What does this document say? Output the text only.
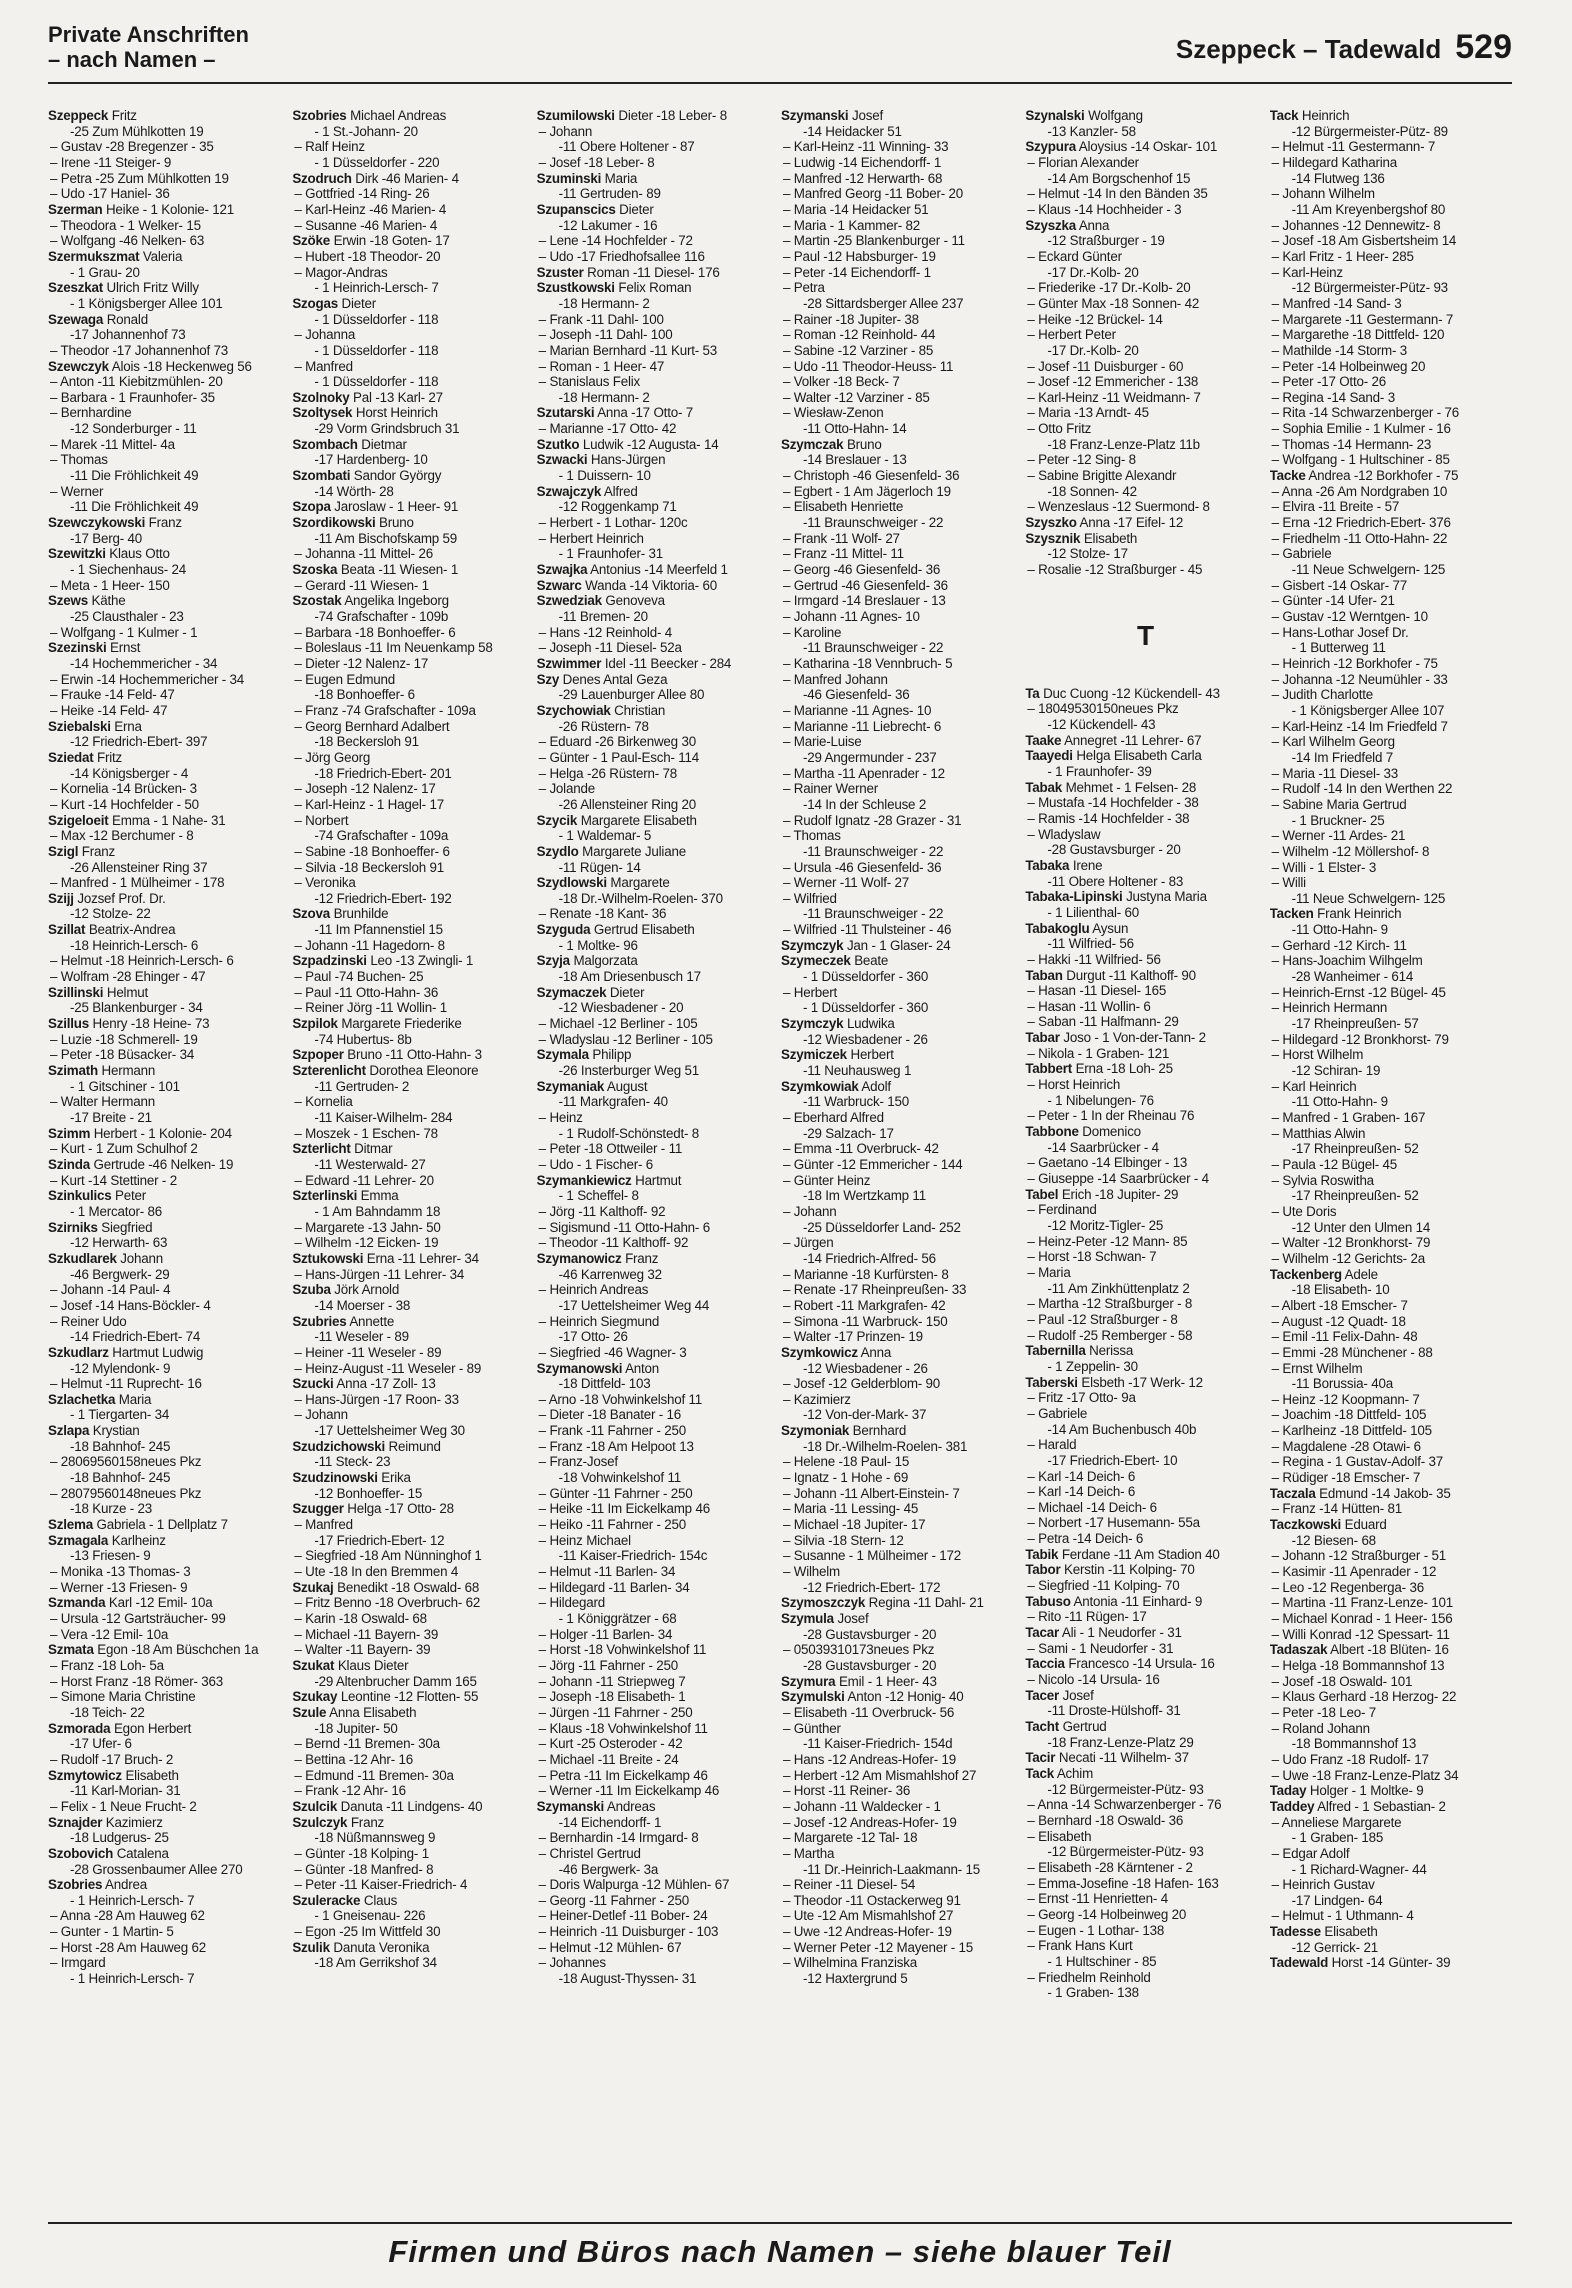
Private Anschriften
– nach Namen –	Szeppeck – Tadewald 529
Szeppeck Fritz
-25 Zum Mühlkotten 19
– Gustav -28 Bregenzer - 35
– Irene -11 Steiger- 9
– Petra -25 Zum Mühlkotten 19
– Udo -17 Haniel- 36
Szerman Heike - 1 Kolonie- 121
– Theodora - 1 Welker- 15
– Wolfgang -46 Nelken- 63
Szermukszmat Valeria
- 1 Grau- 20
Szeszkat Ulrich Fritz Willy
- 1 Königsberger Allee 101
Szewaga Ronald
-17 Johannenhof 73
– Theodor -17 Johannenhof 73
Szewczyk Alois -18 Heckenweg 56
– Anton -11 Kiebitzmühlen- 20
– Barbara - 1 Fraunhofer- 35
– Bernhardine
-12 Sonderburger - 11
– Marek -11 Mittel- 4a
– Thomas
-11 Die Fröhlichkeit 49
– Werner
-11 Die Fröhlichkeit 49
Szewczykowski Franz
-17 Berg- 40
Szewitzki Klaus Otto
- 1 Siechenhaus- 24
– Meta - 1 Heer- 150
Szews Käthe
-25 Clausthaler - 23
– Wolfgang - 1 Kulmer - 1
Szezinski Ernst
-14 Hochemmericher - 34
– Erwin -14 Hochemmericher - 34
– Frauke -14 Feld- 47
– Heike -14 Feld- 47
Sziebalski Erna
-12 Friedrich-Ebert- 397
Sziedat Fritz
-14 Königsberger - 4
– Kornelia -14 Brücken- 3
– Kurt -14 Hochfelder - 50
Szigeloeit Emma - 1 Nahe- 31
– Max -12 Berchumer - 8
Szigl Franz
-26 Allensteiner Ring 37
– Manfred - 1 Mülheimer - 178
Szijj Jozsef Prof. Dr.
-12 Stolze- 22
Szillat Beatrix-Andrea
-18 Heinrich-Lersch- 6
– Helmut -18 Heinrich-Lersch- 6
– Wolfram -28 Ehinger - 47
Szillinski Helmut
-25 Blankenburger - 34
Szillus Henry -18 Heine- 73
– Luzie -18 Schmerell- 19
– Peter -18 Büsacker- 34
Szimath Hermann
- 1 Gitschiner - 101
– Walter Hermann
-17 Breite - 21
Szimm Herbert - 1 Kolonie- 204
– Kurt - 1 Zum Schulhof 2
Szinda Gertrude -46 Nelken- 19
– Kurt -14 Stettiner - 2
Szinkulics Peter
- 1 Mercator- 86
Szirniks Siegfried
-12 Herwarth- 63
Szkudlarek Johann
-46 Bergwerk- 29
– Johann -14 Paul- 4
– Josef -14 Hans-Böckler- 4
– Reiner Udo
-14 Friedrich-Ebert- 74
Szkudlarz Hartmut Ludwig
-12 Mylendonk- 9
– Helmut -11 Ruprecht- 16
Szlachetka Maria
- 1 Tiergarten- 34
Szlapa Krystian
-18 Bahnhof- 245
– 28069560158neues Pkz
-18 Bahnhof- 245
– 28079560148neues Pkz
-18 Kurze - 23
Szlema Gabriela - 1 Dellplatz 7
Szmagala Karlheinz
-13 Friesen- 9
– Monika -13 Thomas- 3
– Werner -13 Friesen- 9
Szmanda Karl -12 Emil- 10a
– Ursula -12 Gartsträucher- 99
– Vera -12 Emil- 10a
Szmata Egon -18 Am Büschchen 1a
– Franz -18 Loh- 5a
– Horst Franz -18 Römer- 363
– Simone Maria Christine
-18 Teich- 22
Szmorada Egon Herbert
-17 Ufer- 6
– Rudolf -17 Bruch- 2
Szmytowicz Elisabeth
-11 Karl-Morian- 31
– Felix - 1 Neue Frucht- 2
Sznajder Kazimierz
-18 Ludgerus- 25
Szobovich Catalena
-28 Grossenbaumer Allee 270
Szobries Andrea
- 1 Heinrich-Lersch- 7
– Anna -28 Am Hauweg 62
– Gunter - 1 Martin- 5
– Horst -28 Am Hauweg 62
– Irmgard
- 1 Heinrich-Lersch- 7
Szobries Michael Andreas
- 1 St.-Johann- 20
– Ralf Heinz
- 1 Düsseldorfer - 220
Szodruch Dirk -46 Marien- 4
– Gottfried -14 Ring- 26
– Karl-Heinz -46 Marien- 4
– Susanne -46 Marien- 4
Szöke Erwin -18 Goten- 17
– Hubert -18 Theodor- 20
– Magor-Andras
- 1 Heinrich-Lersch- 7
Szogas Dieter
- 1 Düsseldorfer - 118
– Johanna
- 1 Düsseldorfer - 118
– Manfred
- 1 Düsseldorfer - 118
Szolnoky Pal -13 Karl- 27
Szoltysek Horst Heinrich
-29 Vorm Grindsbruch 31
Szombach Dietmar
-17 Hardenberg- 10
Szombati Sandor György
-14 Wörth- 28
Szopa Jaroslaw - 1 Heer- 91
Szordikowski Bruno
-11 Am Bischofskamp 59
– Johanna -11 Mittel- 26
Szoska Beata -11 Wiesen- 1
– Gerard -11 Wiesen- 1
Szostak Angelika Ingeborg
-74 Grafschafter - 109b
– Barbara -18 Bonhoeffer- 6
– Boleslaus -11 Im Neuenkamp 58
– Dieter -12 Nalenz- 17
– Eugen Edmund
-18 Bonhoeffer- 6
– Franz -74 Grafschafter - 109a
– Georg Bernhard Adalbert
-18 Beckersloh 91
– Jörg Georg
-18 Friedrich-Ebert- 201
– Joseph -12 Nalenz- 17
– Karl-Heinz - 1 Hagel- 17
– Norbert
-74 Grafschafter - 109a
– Sabine -18 Bonhoeffer- 6
– Silvia -18 Beckersloh 91
– Veronika
-12 Friedrich-Ebert- 192
Szova Brunhilde
-11 Im Pfannenstiel 15
– Johann -11 Hagedorn- 8
Szpadzinski Leo -13 Zwingli- 1
– Paul -74 Buchen- 25
– Paul -11 Otto-Hahn- 36
– Reiner Jörg -11 Wollin- 1
Szpilok Margarete Friederike
-74 Hubertus- 8b
Szpoper Bruno -11 Otto-Hahn- 3
Szterenlicht Dorothea Eleonore
-11 Gertruden- 2
– Kornelia
-11 Kaiser-Wilhelm- 284
– Moszek - 1 Eschen- 78
Szterlicht Ditmar
-11 Westerwald- 27
– Edward -11 Lehrer- 20
Szterlinski Emma
- 1 Am Bahndamm 18
– Margarete -13 Jahn- 50
– Wilhelm -12 Eicken- 19
Sztukowski Erna -11 Lehrer- 34
– Hans-Jürgen -11 Lehrer- 34
Szuba Jörk Arnold
-14 Moerser - 38
Szubries Annette
-11 Weseler - 89
– Heiner -11 Weseler - 89
– Heinz-August -11 Weseler - 89
Szucki Anna -17 Zoll- 13
– Hans-Jürgen -17 Roon- 33
– Johann
-17 Uettelsheimer Weg 30
Szudzichowski Reimund
-11 Steck- 23
Szudzinowski Erika
-12 Bonhoeffer- 15
Szugger Helga -17 Otto- 28
– Manfred
-17 Friedrich-Ebert- 12
– Siegfried -18 Am Nünninghof 1
– Ute -18 In den Bremmen 4
Szukaj Benedikt -18 Oswald- 68
– Fritz Benno -18 Overbruch- 62
– Karin -18 Oswald- 68
– Michael -11 Bayern- 39
– Walter -11 Bayern- 39
Szukat Klaus Dieter
-29 Altenbrucher Damm 165
Szukay Leontine -12 Flotten- 55
Szule Anna Elisabeth
-18 Jupiter- 50
– Bernd -11 Bremen- 30a
– Bettina -12 Ahr- 16
– Edmund -11 Bremen- 30a
– Frank -12 Ahr- 16
Szulcik Danuta -11 Lindgens- 40
Szulczyk Franz
-18 Nüßmannsweg 9
– Günter -18 Kolping- 1
– Günter -18 Manfred- 8
– Peter -11 Kaiser-Friedrich- 4
Szuleracke Claus
- 1 Gneisenau- 226
– Egon -25 Im Wittfeld 30
Szulik Danuta Veronika
-18 Am Gerrikshof 34
Szumilowski Dieter -18 Leber- 8
– Johann
-11 Obere Holtener - 87
– Josef -18 Leber- 8
Szuminski Maria
-11 Gertruden- 89
Szupanscics Dieter
-12 Lakumer - 16
– Lene -14 Hochfelder - 72
– Udo -17 Friedhofsallee 116
Szuster Roman -11 Diesel- 176
Szustkowski Felix Roman
-18 Hermann- 2
– Frank -11 Dahl- 100
– Joseph -11 Dahl- 100
– Marian Bernhard -11 Kurt- 53
– Roman - 1 Heer- 47
– Stanislaus Felix
-18 Hermann- 2
Szutarski Anna -17 Otto- 7
– Marianne -17 Otto- 42
Szutko Ludwik -12 Augusta- 14
Szwacki Hans-Jürgen
- 1 Duissern- 10
Szwajczyk Alfred
-12 Roggenkamp 71
– Herbert - 1 Lothar- 120c
– Herbert Heinrich
- 1 Fraunhofer- 31
Szwajka Antonius -14 Meerfeld 1
Szwarc Wanda -14 Viktoria- 60
Szwedziak Genoveva
-11 Bremen- 20
– Hans -12 Reinhold- 4
– Joseph -11 Diesel- 52a
Szwimmer Idel -11 Beecker - 284
Szy Denes Antal Geza
-29 Lauenburger Allee 80
Szychowiak Christian
-26 Rüstern- 78
– Eduard -26 Birkenweg 30
– Günter - 1 Paul-Esch- 114
– Helga -26 Rüstern- 78
– Jolande
-26 Allensteiner Ring 20
Szycik Margarete Elisabeth
- 1 Waldemar- 5
Szydlo Margarete Juliane
-11 Rügen- 14
Szydlowski Margarete
-18 Dr.-Wilhelm-Roelen- 370
– Renate -18 Kant- 36
Szyguda Gertrud Elisabeth
- 1 Moltke- 96
Szyja Malgorzata
-18 Am Driesenbusch 17
Szymaczek Dieter
-12 Wiesbadener - 20
– Michael -12 Berliner - 105
– Wladyslau -12 Berliner - 105
Szymala Philipp
-26 Insterburger Weg 51
Szymaniak August
-11 Markgrafen- 40
– Heinz
- 1 Rudolf-Schönstedt- 8
– Peter -18 Ottweiler - 11
– Udo - 1 Fischer- 6
Szymankiewicz Hartmut
- 1 Scheffel- 8
– Jörg -11 Kalthoff- 92
– Sigismund -11 Otto-Hahn- 6
– Theodor -11 Kalthoff- 92
Szymanowicz Franz
-46 Karrenweg 32
– Heinrich Andreas
-17 Uettelsheimer Weg 44
– Heinrich Siegmund
-17 Otto- 26
– Siegfried -46 Wagner- 3
Szymanowski Anton
-18 Dittfeld- 103
– Arno -18 Vohwinkelshof 11
– Dieter -18 Banater - 16
– Frank -11 Fahrner - 250
– Franz -18 Am Helpoot 13
– Franz-Josef
-18 Vohwinkelshof 11
– Günter -11 Fahrner - 250
– Heike -11 Im Eickelkamp 46
– Heiko -11 Fahrner - 250
– Heinz Michael
-11 Kaiser-Friedrich- 154c
– Helmut -11 Barlen- 34
– Hildegard -11 Barlen- 34
– Hildegard
- 1 Königgrätzer - 68
– Holger -11 Barlen- 34
– Horst -18 Vohwinkelshof 11
– Jörg -11 Fahrner - 250
– Johann -11 Striepweg 7
– Joseph -18 Elisabeth- 1
– Jürgen -11 Fahrner - 250
– Klaus -18 Vohwinkelshof 11
– Kurt -25 Osteroder - 42
– Michael -11 Breite - 24
– Petra -11 Im Eickelkamp 46
– Werner -11 Im Eickelkamp 46
Szymanski Andreas
-14 Eichendorff- 1
– Bernhardin -14 Irmgard- 8
– Christel Gertrud
-46 Bergwerk- 3a
– Doris Walpurga -12 Mühlen- 67
– Georg -11 Fahrner - 250
– Heiner-Detlef -11 Bober- 24
– Heinrich -11 Duisburger - 103
– Helmut -12 Mühlen- 67
– Johannes
-18 August-Thyssen- 31
Szymanski Josef
-14 Heidacker 51
– Karl-Heinz -11 Winning- 33
– Ludwig -14 Eichendorff- 1
– Manfred -12 Herwarth- 68
– Manfred Georg -11 Bober- 20
– Maria -14 Heidacker 51
– Maria - 1 Kammer- 82
– Martin -25 Blankenburger - 11
– Paul -12 Habsburger- 19
– Peter -14 Eichendorff- 1
– Petra
-28 Sittardsberger Allee 237
– Rainer -18 Jupiter- 38
– Roman -12 Reinhold- 44
– Sabine -12 Varziner - 85
– Udo -11 Theodor-Heuss- 11
– Volker -18 Beck- 7
– Walter -12 Varziner - 85
– Wiesław-Zenon
-11 Otto-Hahn- 14
Szymczak Bruno
-14 Breslauer - 13
– Christoph -46 Giesenfeld- 36
– Egbert - 1 Am Jägerloch 19
– Elisabeth Henriette
-11 Braunschweiger - 22
– Frank -11 Wolf- 27
– Franz -11 Mittel- 11
– Georg -46 Giesenfeld- 36
– Gertrud -46 Giesenfeld- 36
– Irmgard -14 Breslauer - 13
– Johann -11 Agnes- 10
– Karoline
-11 Braunschweiger - 22
– Katharina -18 Vennbruch- 5
– Manfred Johann
-46 Giesenfeld- 36
– Marianne -11 Agnes- 10
– Marianne -11 Liebrecht- 6
– Marie-Luise
-29 Angermunder - 237
– Martha -11 Apenrader - 12
– Rainer Werner
-14 In der Schleuse 2
– Rudolf Ignatz -28 Grazer - 31
– Thomas
-11 Braunschweiger - 22
– Ursula -46 Giesenfeld- 36
– Werner -11 Wolf- 27
– Wilfried
-11 Braunschweiger - 22
– Wilfried -11 Thulsteiner - 46
Szymczyk Jan - 1 Glaser- 24
Szymeczek Beate
- 1 Düsseldorfer - 360
– Herbert
- 1 Düsseldorfer - 360
Szymczyk Ludwika
-12 Wiesbadener - 26
Szymiczek Herbert
-11 Neuhausweg 1
Szymkowiak Adolf
-11 Warbruck- 150
– Eberhard Alfred
-29 Salzach- 17
– Emma -11 Overbruck- 42
– Günter -12 Emmericher - 144
– Günter Heinz
-18 Im Wertzkamp 11
– Johann
-25 Düsseldorfer Land- 252
– Jürgen
-14 Friedrich-Alfred- 56
– Marianne -18 Kurfürsten- 8
– Renate -17 Rheinpreußen- 33
– Robert -11 Markgrafen- 42
– Simona -11 Warbruck- 150
– Walter -17 Prinzen- 19
Szymkowicz Anna
-12 Wiesbadener - 26
– Josef -12 Gelderblom- 90
– Kazimierz
-12 Von-der-Mark- 37
Szymoniak Bernhard
-18 Dr.-Wilhelm-Roelen- 381
– Helene -18 Paul- 15
– Ignatz - 1 Hohe - 69
– Johann -11 Albert-Einstein- 7
– Maria -11 Lessing- 45
– Michael -18 Jupiter- 17
– Silvia -18 Stern- 12
– Susanne - 1 Mülheimer - 172
– Wilhelm
-12 Friedrich-Ebert- 172
Szymoszczyk Regina -11 Dahl- 21
Szymula Josef
-28 Gustavsburger - 20
– 05039310173neues Pkz
-28 Gustavsburger - 20
Szymura Emil - 1 Heer- 43
Szymulski Anton -12 Honig- 40
– Elisabeth -11 Overbruck- 56
– Günther
-11 Kaiser-Friedrich- 154d
– Hans -12 Andreas-Hofer- 19
– Herbert -12 Am Mismahlshof 27
– Horst -11 Reiner- 36
– Johann -11 Waldecker - 1
– Josef -12 Andreas-Hofer- 19
– Margarete -12 Tal- 18
– Martha
-11 Dr.-Heinrich-Laakmann- 15
– Reiner -11 Diesel- 54
– Theodor -11 Ostackerweg 91
– Ute -12 Am Mismahlshof 27
– Uwe -12 Andreas-Hofer- 19
– Werner Peter -12 Mayener - 15
– Wilhelmina Franziska
-12 Haxtergrund 5
Szynalski Wolfgang
-13 Kanzler- 58
Szypura Aloysius -14 Oskar- 101
– Florian Alexander
-14 Am Borgschenhof 15
– Helmut -14 In den Bänden 35
– Klaus -14 Hochheider - 3
Szyszka Anna
-12 Straßburger - 19
– Eckard Günter
-17 Dr.-Kolb- 20
– Friederike -17 Dr.-Kolb- 20
– Günter Max -18 Sonnen- 42
– Heike -12 Brückel- 14
– Herbert Peter
-17 Dr.-Kolb- 20
– Josef -11 Duisburger - 60
– Josef -12 Emmericher - 138
– Karl-Heinz -11 Weidmann- 7
– Maria -13 Arndt- 45
– Otto Fritz
-18 Franz-Lenze-Platz 11b
– Peter -12 Sing- 8
– Sabine Brigitte Alexandr
-18 Sonnen- 42
– Wenzeslaus -12 Suermond- 8
Szyszko Anna -17 Eifel- 12
Szysznik Elisabeth
-12 Stolze- 17
– Rosalie -12 Straßburger - 45
T
Ta Duc Cuong -12 Kückendell- 43
– 18049530150neues Pkz
-12 Kückendell- 43
Taake Annegret -11 Lehrer- 67
Taayedi Helga Elisabeth Carla
- 1 Fraunhofer- 39
Tabak Mehmet - 1 Felsen- 28
– Mustafa -14 Hochfelder - 38
– Ramis -14 Hochfelder - 38
– Wladyslaw
-28 Gustavsburger - 20
Tabaka Irene
-11 Obere Holtener - 83
Tabaka-Lipinski Justyna Maria
- 1 Lilienthal- 60
Tabakoglu Aysun
-11 Wilfried- 56
– Hakki -11 Wilfried- 56
Taban Durgut -11 Kalthoff- 90
– Hasan -11 Diesel- 165
– Hasan -11 Wollin- 6
– Saban -11 Halfmann- 29
Tabar Joso - 1 Von-der-Tann- 2
– Nikola - 1 Graben- 121
Tabbert Erna -18 Loh- 25
– Horst Heinrich
- 1 Nibelungen- 76
– Peter - 1 In der Rheinau 76
Tabbone Domenico
-14 Saarbrücker - 4
– Gaetano -14 Elbinger - 13
– Giuseppe -14 Saarbrücker - 4
Tabel Erich -18 Jupiter- 29
– Ferdinand
-12 Moritz-Tigler- 25
– Heinz-Peter -12 Mann- 85
– Horst -18 Schwan- 7
– Maria
-11 Am Zinkhüttenplatz 2
– Martha -12 Straßburger - 8
– Paul -12 Straßburger - 8
– Rudolf -25 Remberger - 58
Tabernilla Nerissa
- 1 Zeppelin- 30
Taberski Elsbeth -17 Werk- 12
– Fritz -17 Otto- 9a
– Gabriele
-14 Am Buchenbusch 40b
– Harald
-17 Friedrich-Ebert- 10
– Karl -14 Deich- 6
– Karl -14 Deich- 6
– Michael -14 Deich- 6
– Norbert -17 Husemann- 55a
– Petra -14 Deich- 6
Tabik Ferdane -11 Am Stadion 40
Tabor Kerstin -11 Kolping- 70
– Siegfried -11 Kolping- 70
Tabuso Antonia -11 Einhard- 9
– Rito -11 Rügen- 17
Tacar Ali - 1 Neudorfer - 31
– Sami - 1 Neudorfer - 31
Taccia Francesco -14 Ursula- 16
– Nicolo -14 Ursula- 16
Tacer Josef
-11 Droste-Hülshoff- 31
Tacht Gertrud
-18 Franz-Lenze-Platz 29
Tacir Necati -11 Wilhelm- 37
Tack Achim
-12 Bürgermeister-Pütz- 93
– Anna -14 Schwarzenberger - 76
– Bernhard -18 Oswald- 36
– Elisabeth
-12 Bürgermeister-Pütz- 93
– Elisabeth -28 Kärntener - 2
– Emma-Josefine -18 Hafen- 163
– Ernst -11 Henrietten- 4
– Georg -14 Holbeinweg 20
– Eugen - 1 Lothar- 138
– Frank Hans Kurt
- 1 Hultschiner - 85
– Friedhelm Reinhold
- 1 Graben- 138
Tack Heinrich
-12 Bürgermeister-Pütz- 89
– Helmut -11 Gestermann- 7
– Hildegard Katharina
-14 Flutweg 136
– Johann Wilhelm
-11 Am Kreyenbergshof 80
– Johannes -12 Dennewitz- 8
– Josef -18 Am Gisbertsheim 14
– Karl Fritz - 1 Heer- 285
– Karl-Heinz
-12 Bürgermeister-Pütz- 93
– Manfred -14 Sand- 3
– Margarete -11 Gestermann- 7
– Margarethe -18 Dittfeld- 120
– Mathilde -14 Storm- 3
– Peter -14 Holbeinweg 20
– Peter -17 Otto- 26
– Regina -14 Sand- 3
– Rita -14 Schwarzenberger - 76
– Sophia Emilie - 1 Kulmer - 16
– Thomas -14 Hermann- 23
– Wolfgang - 1 Hultschiner - 85
Tacke Andrea -12 Borkhofer - 75
– Anna -26 Am Nordgraben 10
– Elvira -11 Breite - 57
– Erna -12 Friedrich-Ebert- 376
– Friedhelm -11 Otto-Hahn- 22
– Gabriele
-11 Neue Schwelgern- 125
– Gisbert -14 Oskar- 77
– Günter -14 Ufer- 21
– Gustav -12 Werntgen- 10
– Hans-Lothar Josef Dr.
- 1 Butterweg 11
– Heinrich -12 Borkhofer - 75
– Johanna -12 Neumühler - 33
– Judith Charlotte
- 1 Königsberger Allee 107
– Karl-Heinz -14 Im Friedfeld 7
– Karl Wilhelm Georg
-14 Im Friedfeld 7
– Maria -11 Diesel- 33
– Rudolf -14 In den Werthen 22
– Sabine Maria Gertrud
- 1 Bruckner- 25
– Werner -11 Ardes- 21
– Wilhelm -12 Möllershof- 8
– Willi - 1 Elster- 3
– Willi
-11 Neue Schwelgern- 125
Tacken Frank Heinrich
-11 Otto-Hahn- 9
– Gerhard -12 Kirch- 11
– Hans-Joachim Wilhgelm
-28 Wanheimer - 614
– Heinrich-Ernst -12 Bügel- 45
– Heinrich Hermann
-17 Rheinpreußen- 57
– Hildegard -12 Bronkhorst- 79
– Horst Wilhelm
-12 Schiran- 19
– Karl Heinrich
-11 Otto-Hahn- 9
– Manfred - 1 Graben- 167
– Matthias Alwin
-17 Rheinpreußen- 52
– Paula -12 Bügel- 45
– Sylvia Roswitha
-17 Rheinpreußen- 52
– Ute Doris
-12 Unter den Ulmen 14
– Walter -12 Bronkhorst- 79
– Wilhelm -12 Gerichts- 2a
Tackenberg Adele
-18 Elisabeth- 10
– Albert -18 Emscher- 7
– August -12 Quadt- 18
– Emil -11 Felix-Dahn- 48
– Emmi -28 Münchener - 88
– Ernst Wilhelm
-11 Borussia- 40a
– Heinz -12 Koopmann- 7
– Joachim -18 Dittfeld- 105
– Karlheinz -18 Dittfeld- 105
– Magdalene -28 Otawi- 6
– Regina - 1 Gustav-Adolf- 37
– Rüdiger -18 Emscher- 7
Taczala Edmund -14 Jakob- 35
– Franz -14 Hütten- 81
Taczkowski Eduard
-12 Biesen- 68
– Johann -12 Straßburger - 51
– Kasimir -11 Apenrader - 12
– Leo -12 Regenberga- 36
– Martina -11 Franz-Lenze- 101
– Michael Konrad - 1 Heer- 156
– Willi Konrad -12 Spessart- 11
Tadaszak Albert -18 Blüten- 16
– Helga -18 Bommannshof 13
– Josef -18 Oswald- 101
– Klaus Gerhard -18 Herzog- 22
– Peter -18 Leo- 7
– Roland Johann
-18 Bommannshof 13
– Udo Franz -18 Rudolf- 17
– Uwe -18 Franz-Lenze-Platz 34
Taday Holger - 1 Moltke- 9
Taddey Alfred - 1 Sebastian- 2
– Anneliese Margarete
- 1 Graben- 185
– Edgar Adolf
- 1 Richard-Wagner- 44
– Heinrich Gustav
-17 Lindgen- 64
– Helmut - 1 Uthmann- 4
Tadesse Elisabeth
-12 Gerrick- 21
Tadewald Horst -14 Günter- 39
Firmen und Büros nach Namen – siehe blauer Teil
